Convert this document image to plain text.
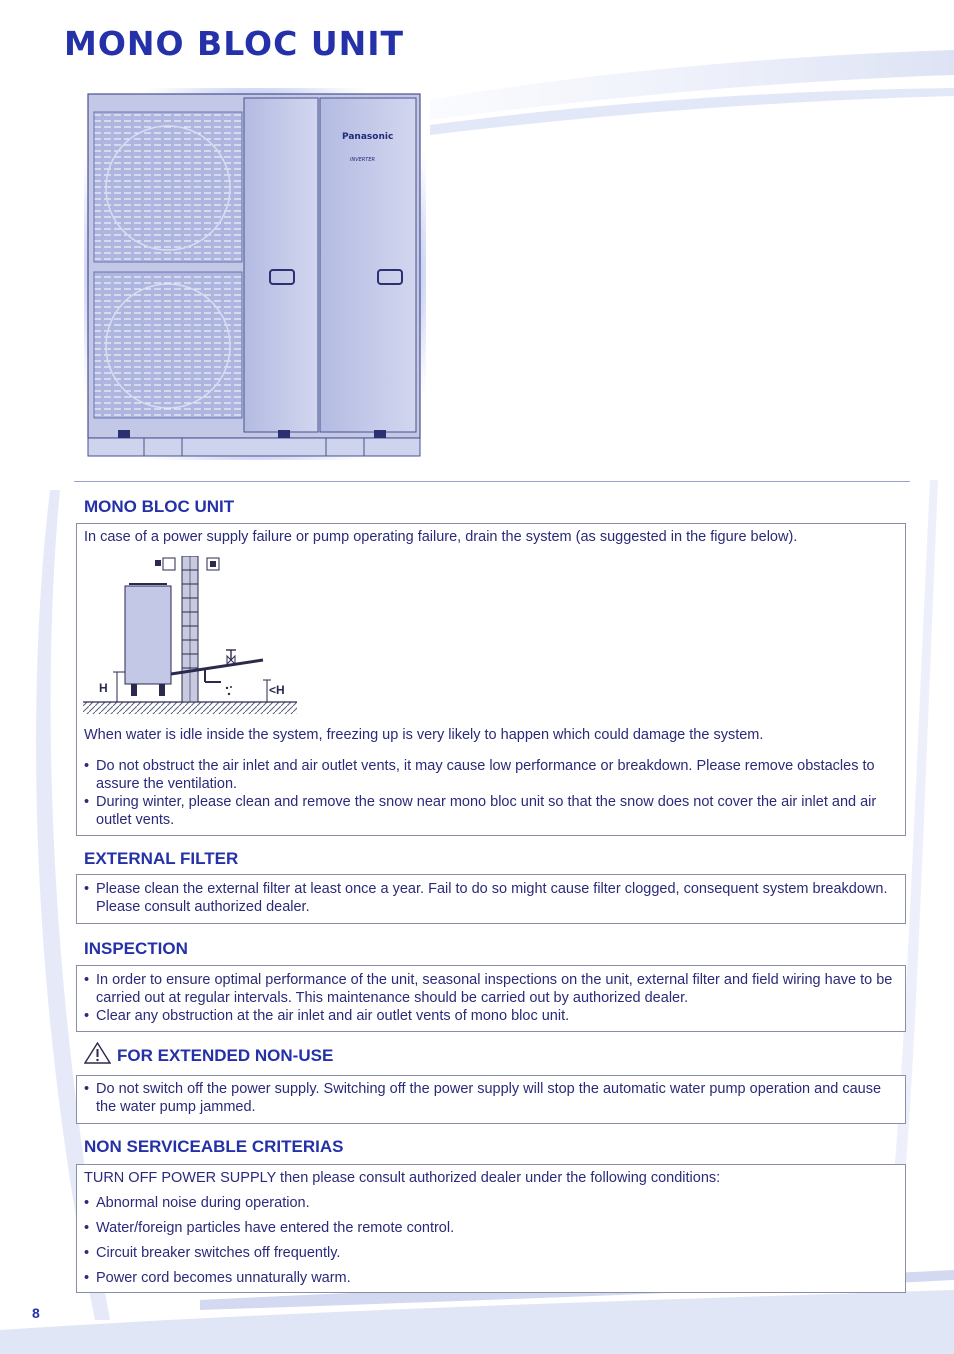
MONO BLOC UNIT
Panasonic
INVERTER
MONO BLOC UNIT

In case of a power supply failure or pump operating failure, drain the system (as suggested in the figure below).

H	<H

When water is idle inside the system, freezing up is very likely to happen which could damage the system.

• Do not obstruct the air inlet and air outlet vents, it may cause low performance or breakdown. Please remove obstacles to assure the ventilation.
• During winter, please clean and remove the snow near mono bloc unit so that the snow does not cover the air inlet and air outlet vents.
EXTERNAL FILTER
• Please clean the external filter at least once a year. Fail to do so might cause filter clogged, consequent system breakdown. Please consult authorized dealer.
INSPECTION
• In order to ensure optimal performance of the unit, seasonal inspections on the unit, external filter and field wiring have to be carried out at regular intervals. This maintenance should be carried out by authorized dealer.
• Clear any obstruction at the air inlet and air outlet vents of mono bloc unit.
FOR EXTENDED NON-USE
• Do not switch off the power supply. Switching off the power supply will stop the automatic water pump operation and cause the water pump jammed.
NON SERVICEABLE CRITERIAS

TURN OFF POWER SUPPLY then please consult authorized dealer under the following conditions:

• Abnormal noise during operation.
• Water/foreign particles have entered the remote control.
• Circuit breaker switches off frequently.
• Power cord becomes unnaturally warm.
8
